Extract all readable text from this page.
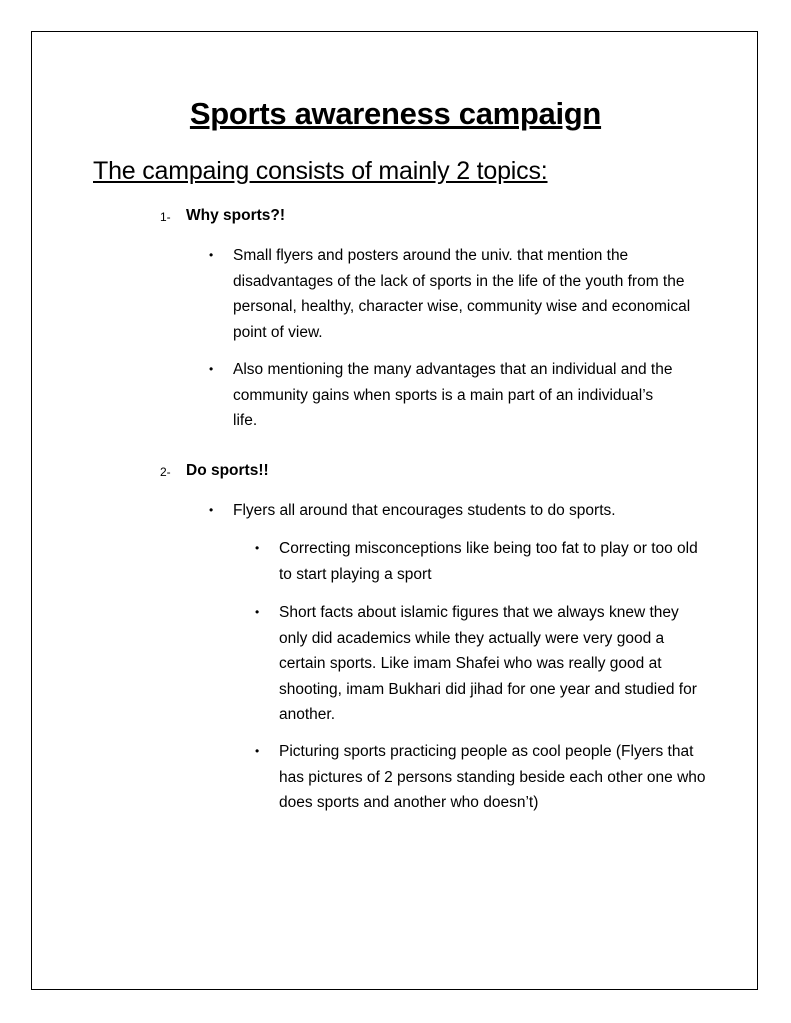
Sports awareness campaign
The campaing consists of mainly 2 topics:
1- Why sports?!
• Small flyers and posters around the univ. that mention the disadvantages of the lack of sports in the life of the youth from the personal, healthy, character wise, community wise and economical point of view.
• Also mentioning the many advantages that an individual and the community gains when sports is a main part of an individual’s life.
2- Do sports!!
• Flyers all around that encourages students to do sports.
• Correcting misconceptions like being too fat to play or too old to start playing a sport
• Short facts about islamic figures that we always knew they only did academics while they actually were very good a certain sports. Like imam Shafei who was really good at shooting, imam Bukhari did jihad for one year and studied for another.
• Picturing sports practicing people as cool people (Flyers that has pictures of 2 persons standing beside each other one who does sports and another who doesn’t)
